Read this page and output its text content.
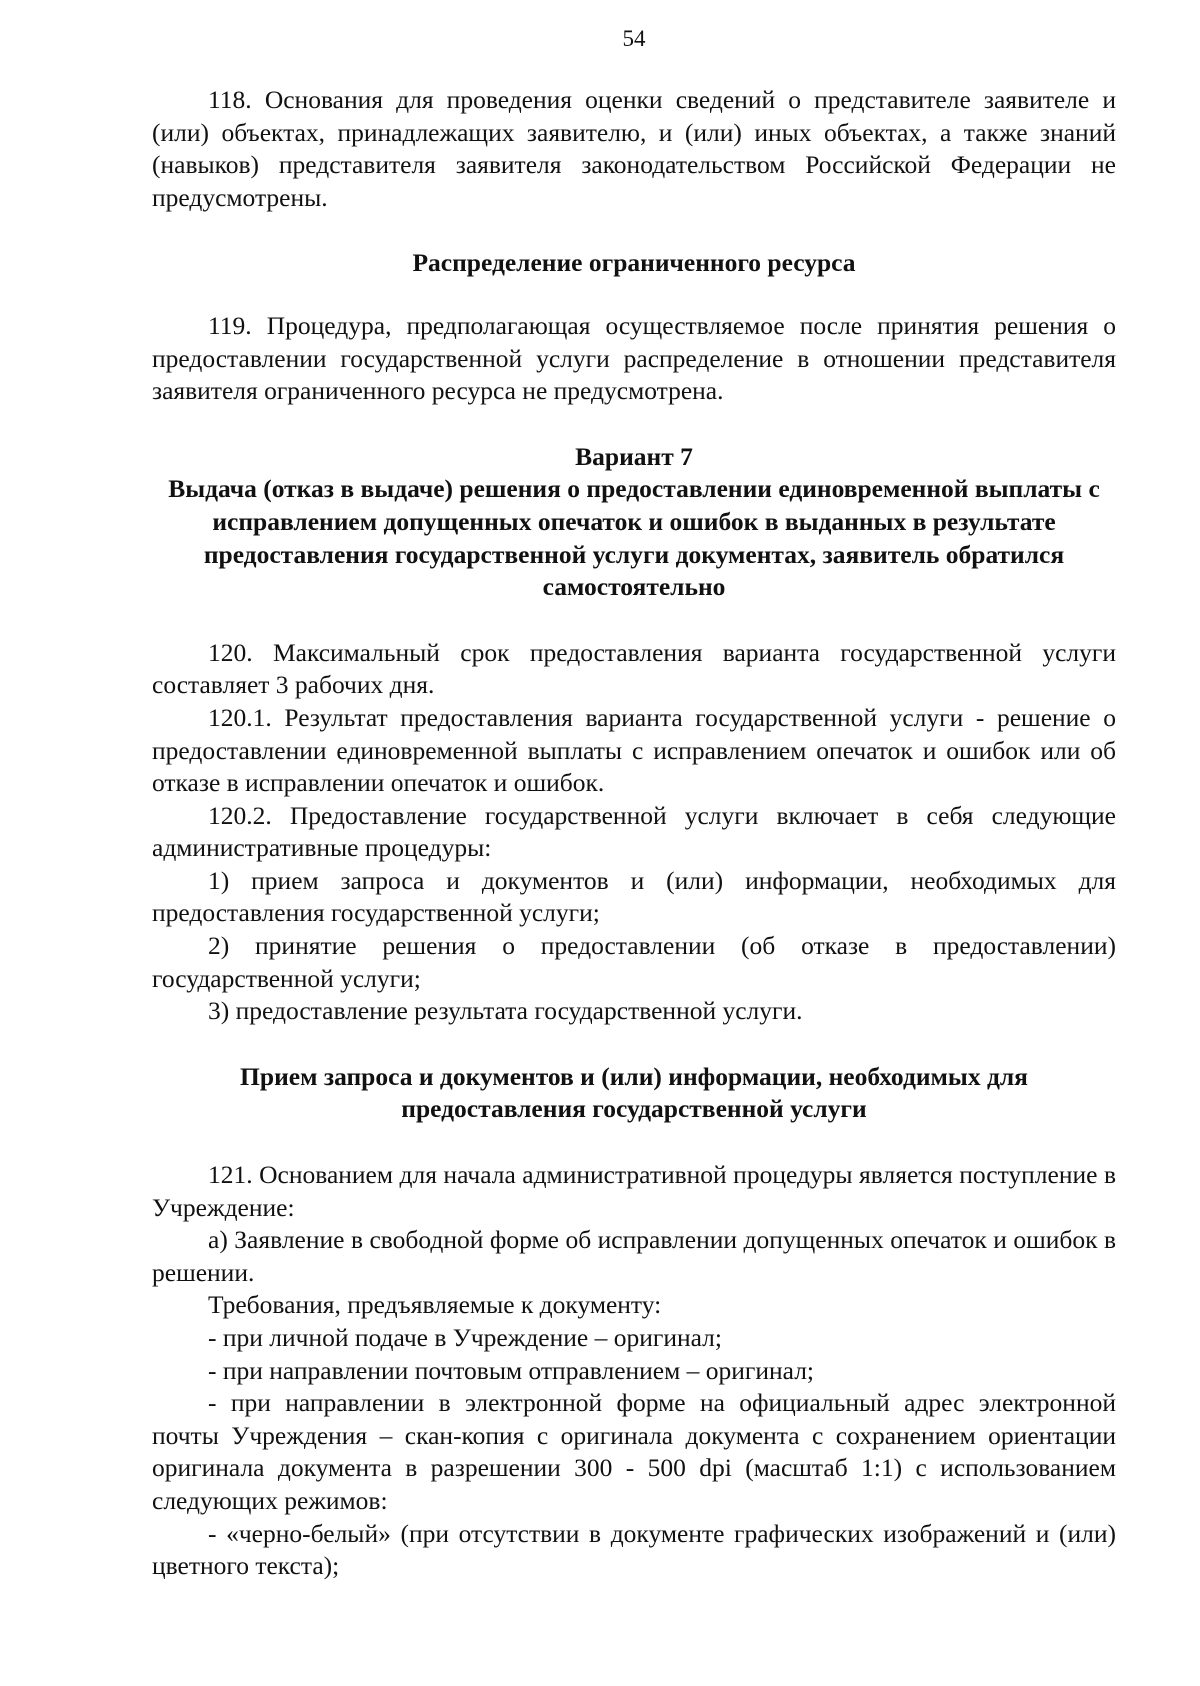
54

118. Основания для проведения оценки сведений о представителе заявителе и (или) объектах, принадлежащих заявителю, и (или) иных объектах, а также знаний (навыков) представителя заявителя законодательством Российской Федерации не предусмотрены.

Распределение ограниченного ресурса

119. Процедура, предполагающая осуществляемое после принятия решения о предоставлении государственной услуги распределение в отношении представителя заявителя ограниченного ресурса не предусмотрена.

Вариант 7

Выдача (отказ в выдаче) решения о предоставлении единовременной выплаты с исправлением допущенных опечаток и ошибок в выданных в результате предоставления государственной услуги документах, заявитель обратился самостоятельно

120. Максимальный срок предоставления варианта государственной услуги составляет 3 рабочих дня.

120.1. Результат предоставления варианта государственной услуги - решение о предоставлении единовременной выплаты с исправлением опечаток и ошибок или об отказе в исправлении опечаток и ошибок.

120.2. Предоставление государственной услуги включает в себя следующие административные процедуры:

1) прием запроса и документов и (или) информации, необходимых для предоставления государственной услуги;

2) принятие решения о предоставлении (об отказе в предоставлении) государственной услуги;

3) предоставление результата государственной услуги.

Прием запроса и документов и (или) информации, необходимых для предоставления государственной услуги

121. Основанием для начала административной процедуры является поступление в Учреждение:

а) Заявление в свободной форме об исправлении допущенных опечаток и ошибок в решении.

Требования, предъявляемые к документу:

- при личной подаче в Учреждение – оригинал;

- при направлении почтовым отправлением – оригинал;

- при направлении в электронной форме на официальный адрес электронной почты Учреждения – скан-копия с оригинала документа с сохранением ориентации оригинала документа в разрешении 300 - 500 dpi (масштаб 1:1) с использованием следующих режимов:

- «черно-белый» (при отсутствии в документе графических изображений и (или) цветного текста);
